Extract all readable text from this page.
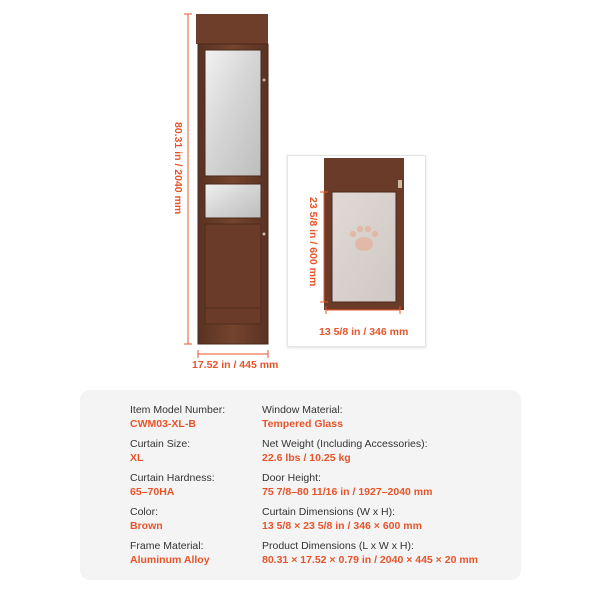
80.31 in / 2040 mm
17.52 in / 445 mm
23 5/8 in / 600 mm
13 5/8 in / 346 mm
Item Model Number:
CWM03-XL-B
Curtain Size:
XL
Curtain Hardness:
65–70HA
Color:
Brown
Frame Material:
Aluminum Alloy
Window Material:
Tempered Glass
Net Weight (Including Accessories):
22.6 lbs / 10.25 kg
Door Height:
75 7/8–80 11/16 in / 1927–2040 mm
Curtain Dimensions (W x H):
13 5/8 × 23 5/8 in / 346 × 600 mm
Product Dimensions (L x W x H):
80.31 × 17.52 × 0.79 in / 2040 × 445 × 20 mm
